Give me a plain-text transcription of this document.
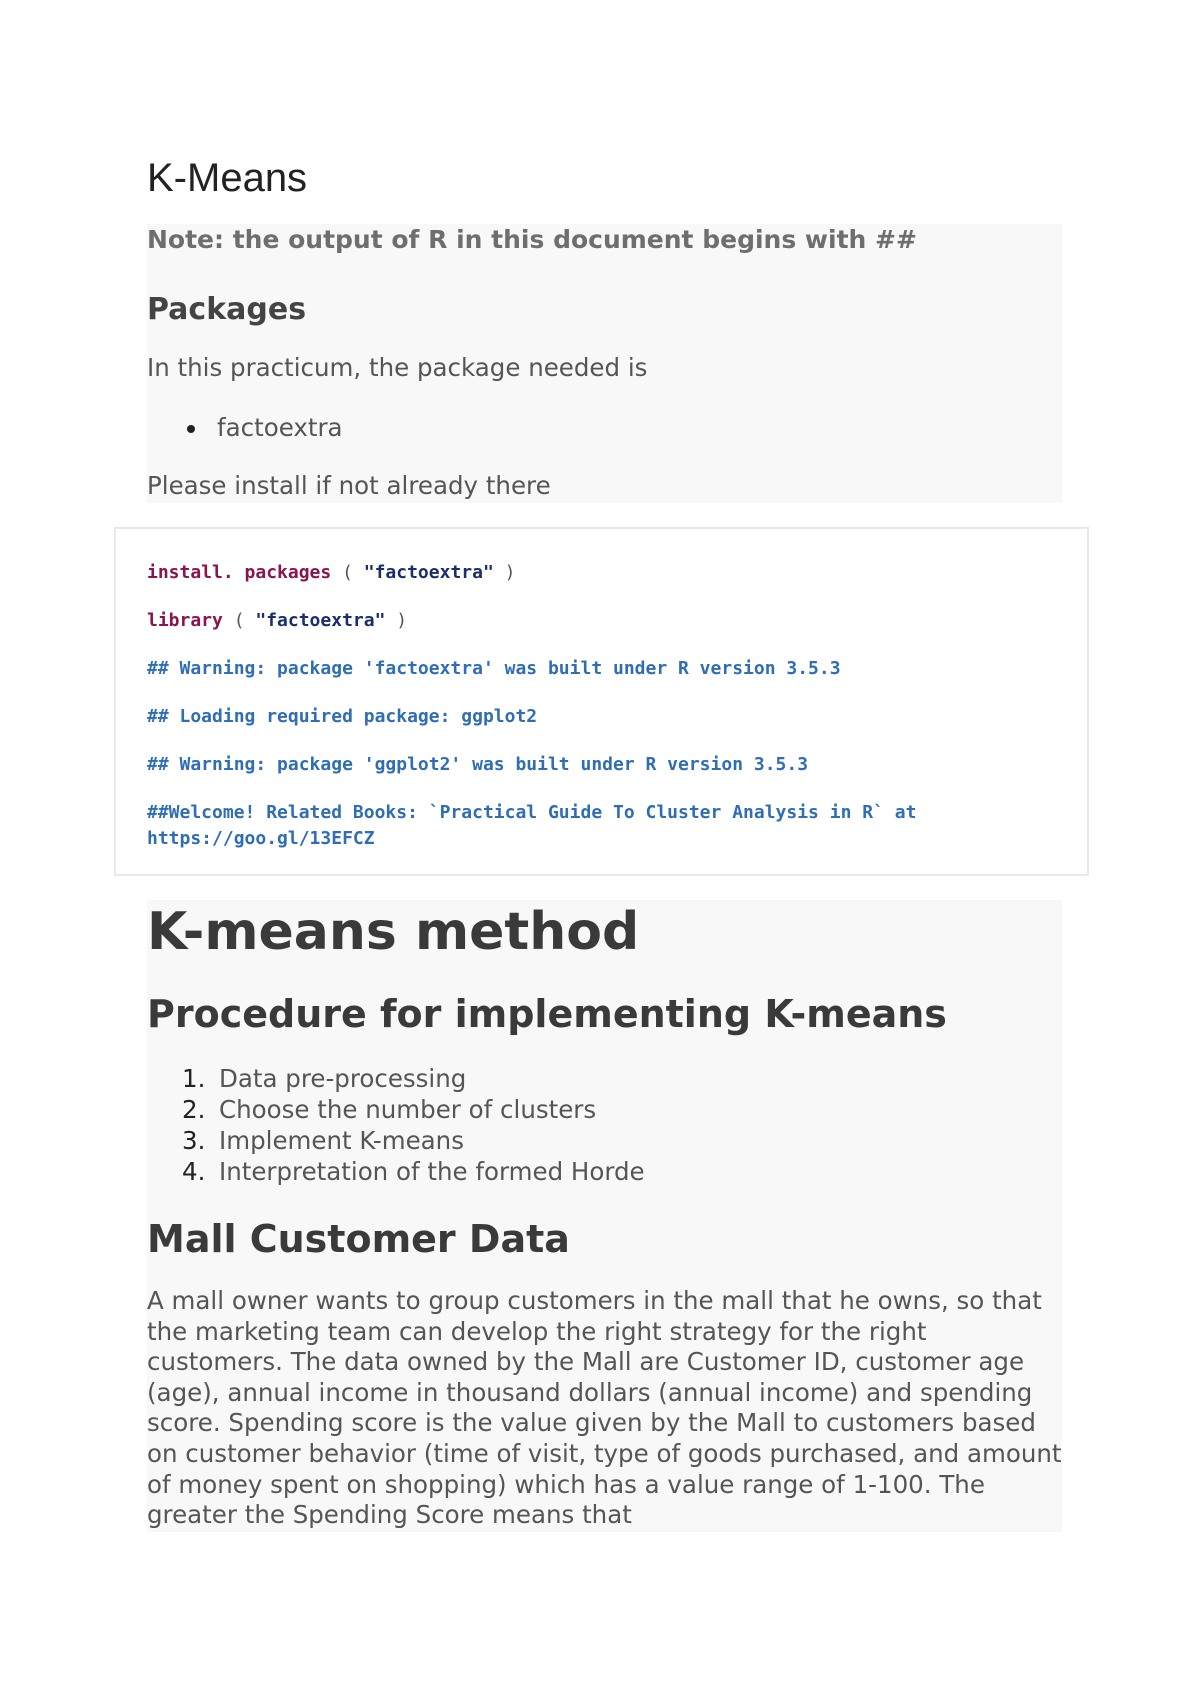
K-Means
Note: the output of R in this document begins with ##
Packages
In this practicum, the package needed is
factoextra
Please install if not already there
install. packages ( "factoextra" )
library ( "factoextra" )
## Warning: package 'factoextra' was built under R version 3.5.3
## Loading required package: ggplot2
## Warning: package 'ggplot2' was built under R version 3.5.3
##Welcome! Related Books: `Practical Guide To Cluster Analysis in R` at
https://goo.gl/13EFCZ
K-means method
Procedure for implementing K-means
1. Data pre-processing
2. Choose the number of clusters
3. Implement K-means
4. Interpretation of the formed Horde
Mall Customer Data
A mall owner wants to group customers in the mall that he owns, so that the marketing team can develop the right strategy for the right customers. The data owned by the Mall are Customer ID, customer age (age), annual income in thousand dollars (annual income) and spending score. Spending score is the value given by the Mall to customers based on customer behavior (time of visit, type of goods purchased, and amount of money spent on shopping) which has a value range of 1-100. The greater the Spending Score means that
